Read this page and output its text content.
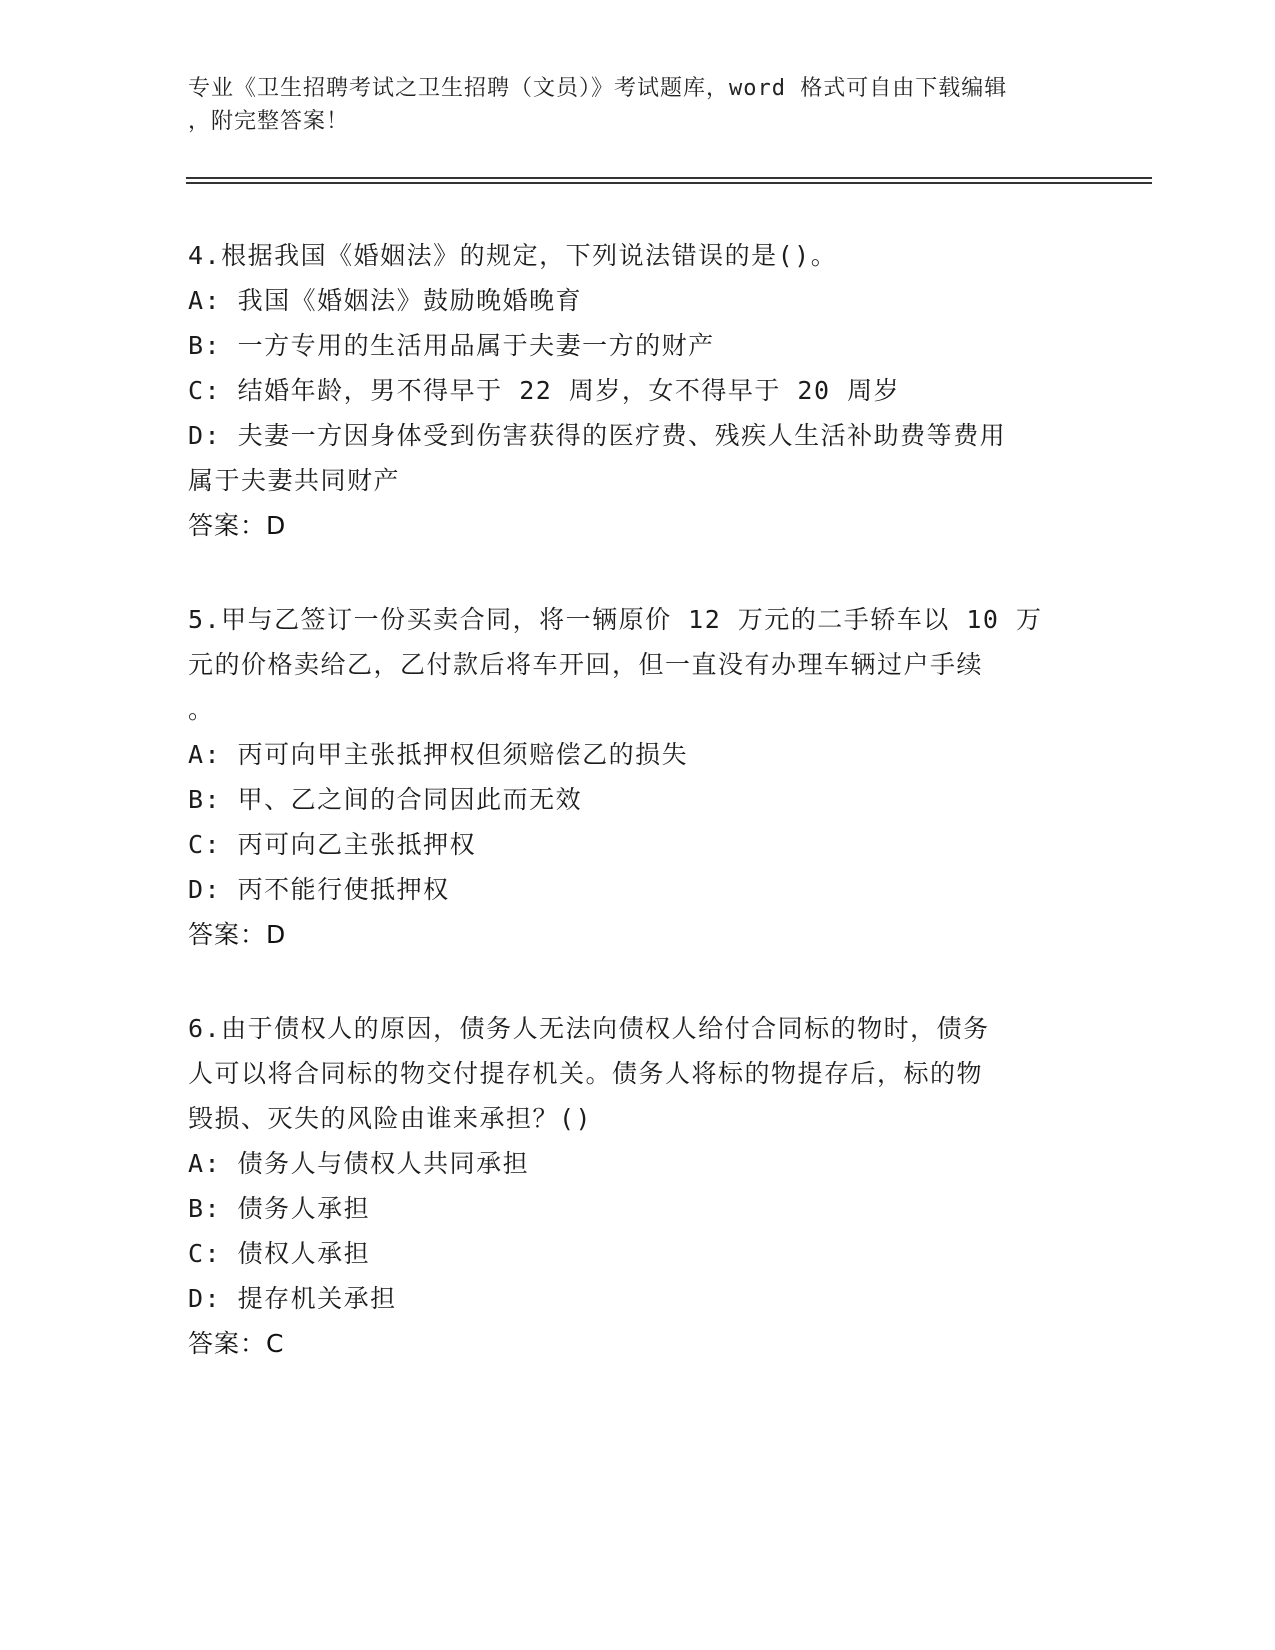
专业《卫生招聘考试之卫生招聘（文员）》考试题库，word 格式可自由下载编辑
，附完整答案！

4.根据我国《婚姻法》的规定，下列说法错误的是()。

A: 我国《婚姻法》鼓励晚婚晚育

B: 一方专用的生活用品属于夫妻一方的财产

C: 结婚年龄，男不得早于 22 周岁，女不得早于 20 周岁

D: 夫妻一方因身体受到伤害获得的医疗费、残疾人生活补助费等费用

属于夫妻共同财产

答案：D

5.甲与乙签订一份买卖合同，将一辆原价 12 万元的二手轿车以 10 万

元的价格卖给乙，乙付款后将车开回，但一直没有办理车辆过户手续

。

A: 丙可向甲主张抵押权但须赔偿乙的损失

B: 甲、乙之间的合同因此而无效

C: 丙可向乙主张抵押权

D: 丙不能行使抵押权

答案：D

6.由于债权人的原因，债务人无法向债权人给付合同标的物时，债务

人可以将合同标的物交付提存机关。债务人将标的物提存后，标的物

毁损、灭失的风险由谁来承担？()

A: 债务人与债权人共同承担

B: 债务人承担

C: 债权人承担

D: 提存机关承担

答案：C
